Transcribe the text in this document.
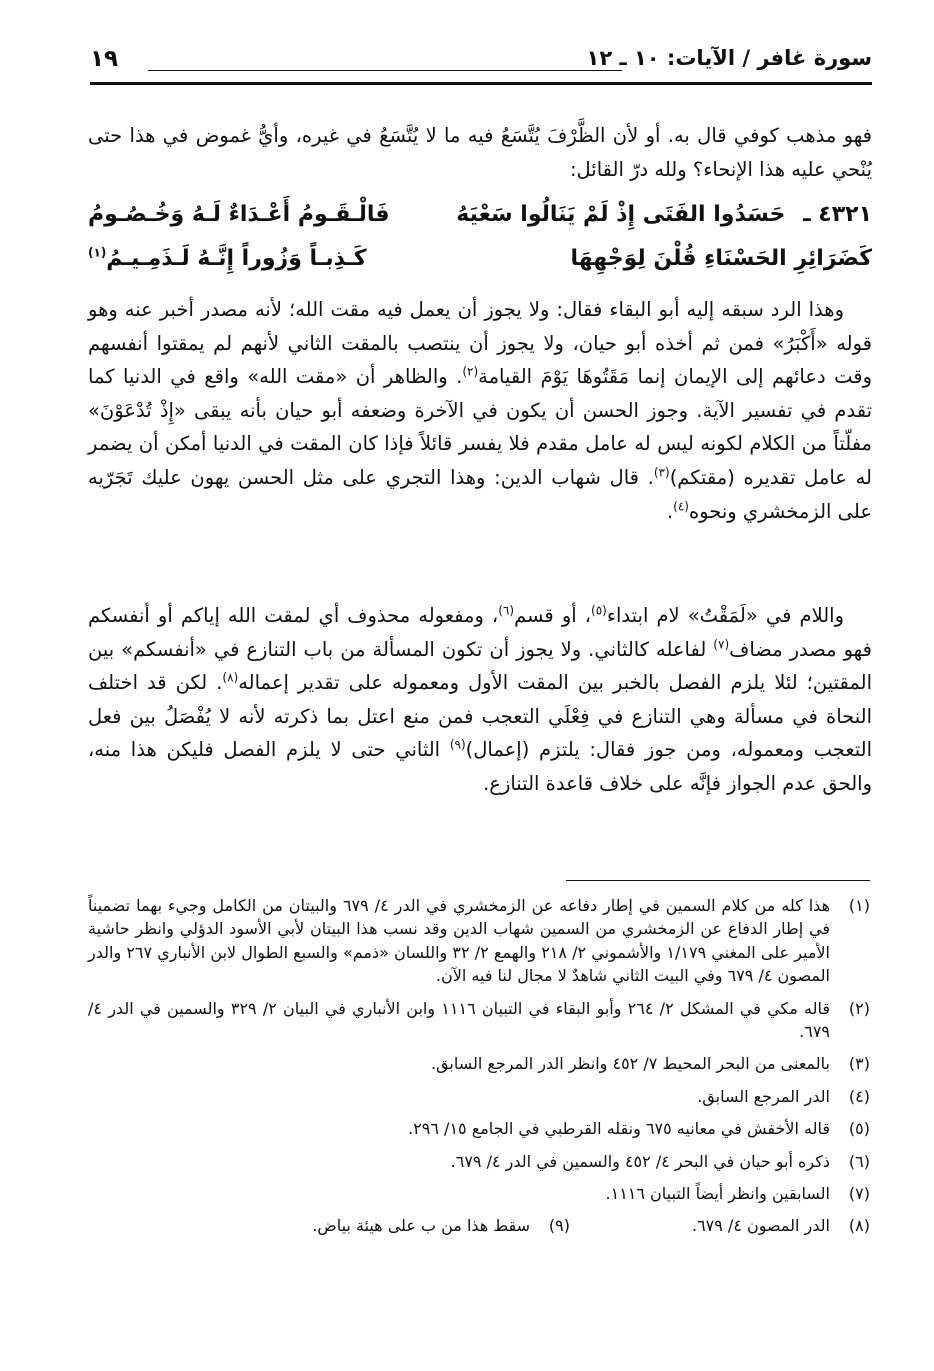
سورة غافر / الآيات: ١٠ ـ ١٢
١٩

فهو مذهب كوفي قال به. أو لأن الظَّرْفَ يُتَّسَعُ فيه ما لا يُتَّسَعُ في غيره، وأيُّ غموض في هذا حتى يُنْحي عليه هذا الإنحاء؟ ولله درّ القائل:

٤٣٢١ ـ حَسَدُوا الفَتَى إِذْ لَمْ يَنَالُوا سَعْيَهُ
فَالْـقَـومُ أَعْـدَاءٌ لَـهُ وَخُـصُـومُ
كَضَرَائِرِ الحَسْنَاءِ قُلْنَ لِوَجْهِهَا
كَـذِبـاً وَزُوراً إِنَّـهُ لَـذَمِـيـمُ$^{(١)}$

وهذا الرد سبقه إليه أبو البقاء فقال: ولا يجوز أن يعمل فيه مقت الله؛ لأنه مصدر أخبر عنه وهو قوله «أَكْبَرُ» فمن ثم أخذه أبو حيان، ولا يجوز أن ينتصب بالمقت الثاني لأنهم لم يمقتوا أنفسهم وقت دعائهم إلى الإيمان إنما مَقَتُوهَا يَوْمَ القيامة$^{(٢)}$. والظاهر أن «مقت الله» واقع في الدنيا كما تقدم في تفسير الآية. وجوز الحسن أن يكون في الآخرة وضعفه أبو حيان بأنه يبقى «إِذْ تُدْعَوْنَ» مفلّتاً من الكلام لكونه ليس له عامل مقدم فلا يفسر قائلاً فإذا كان المقت في الدنيا أمكن أن يضمر له عامل تقديره (مقتكم)$^{(٣)}$. قال شهاب الدين: وهذا التجري على مثل الحسن يهون عليك تَجَرّيه على الزمخشري ونحوه$^{(٤)}$.

واللام في «لَمَقْتُ» لام ابتداء$^{(٥)}$، أو قسم$^{(٦)}$، ومفعوله محذوف أي لمقت الله إياكم أو أنفسكم فهو مصدر مضاف$^{(٧)}$ لفاعله كالثاني. ولا يجوز أن تكون المسألة من باب التنازع في «أنفسكم» بين المقتين؛ لئلا يلزم الفصل بالخبر بين المقت الأول ومعموله على تقدير إعماله$^{(٨)}$. لكن قد اختلف النحاة في مسألة وهي التنازع في فِعْلَي التعجب فمن منع اعتل بما ذكرته لأنه لا يُفْصَلُ بين فعل التعجب ومعموله، ومن جوز فقال: يلتزم (إعمال)$^{(٩)}$ الثاني حتى لا يلزم الفصل فليكن هذا منه، والحق عدم الجواز فإنَّه على خلاف قاعدة التنازع.

(١)
هذا كله من كلام السمين في إطار دفاعه عن الزمخشري في الدر ٤/ ٦٧٩ والبيتان من الكامل وجيء بهما تضميناً في إطار الدفاع عن الزمخشري من السمين شهاب الدين وقد نسب هذا البيتان لأبي الأسود الدؤلي وانظر حاشية الأمير على المغني ١/١٧٩ والأشموني ٢/ ٢١٨ والهمع ٢/ ٣٢ واللسان «ذمم» والسبع الطوال لابن الأنباري ٢٦٧ والدر المصون ٤/ ٦٧٩ وفي البيت الثاني شاهدٌ لا مجال لنا فيه الآن.
(٢)
قاله مكي في المشكل ٢/ ٢٦٤ وأبو البقاء في التبيان ١١١٦ وابن الأنباري في البيان ٢/ ٣٢٩ والسمين في الدر ٤/ ٦٧٩.
(٣)
بالمعنى من البحر المحيط ٧/ ٤٥٢ وانظر الدر المرجع السابق.
(٤)
الدر المرجع السابق.
(٥)
قاله الأخفش في معانيه ٦٧٥ ونقله القرطبي في الجامع ١٥/ ٢٩٦.
(٦)
ذكره أبو حيان في البحر ٤/ ٤٥٢ والسمين في الدر ٤/ ٦٧٩.
(٧)
السابقين وانظر أيضاً التبيان ١١١٦.
(٨)
الدر المصون ٤/ ٦٧٩.
(٩)
سقط هذا من ب على هيئة بياض.
